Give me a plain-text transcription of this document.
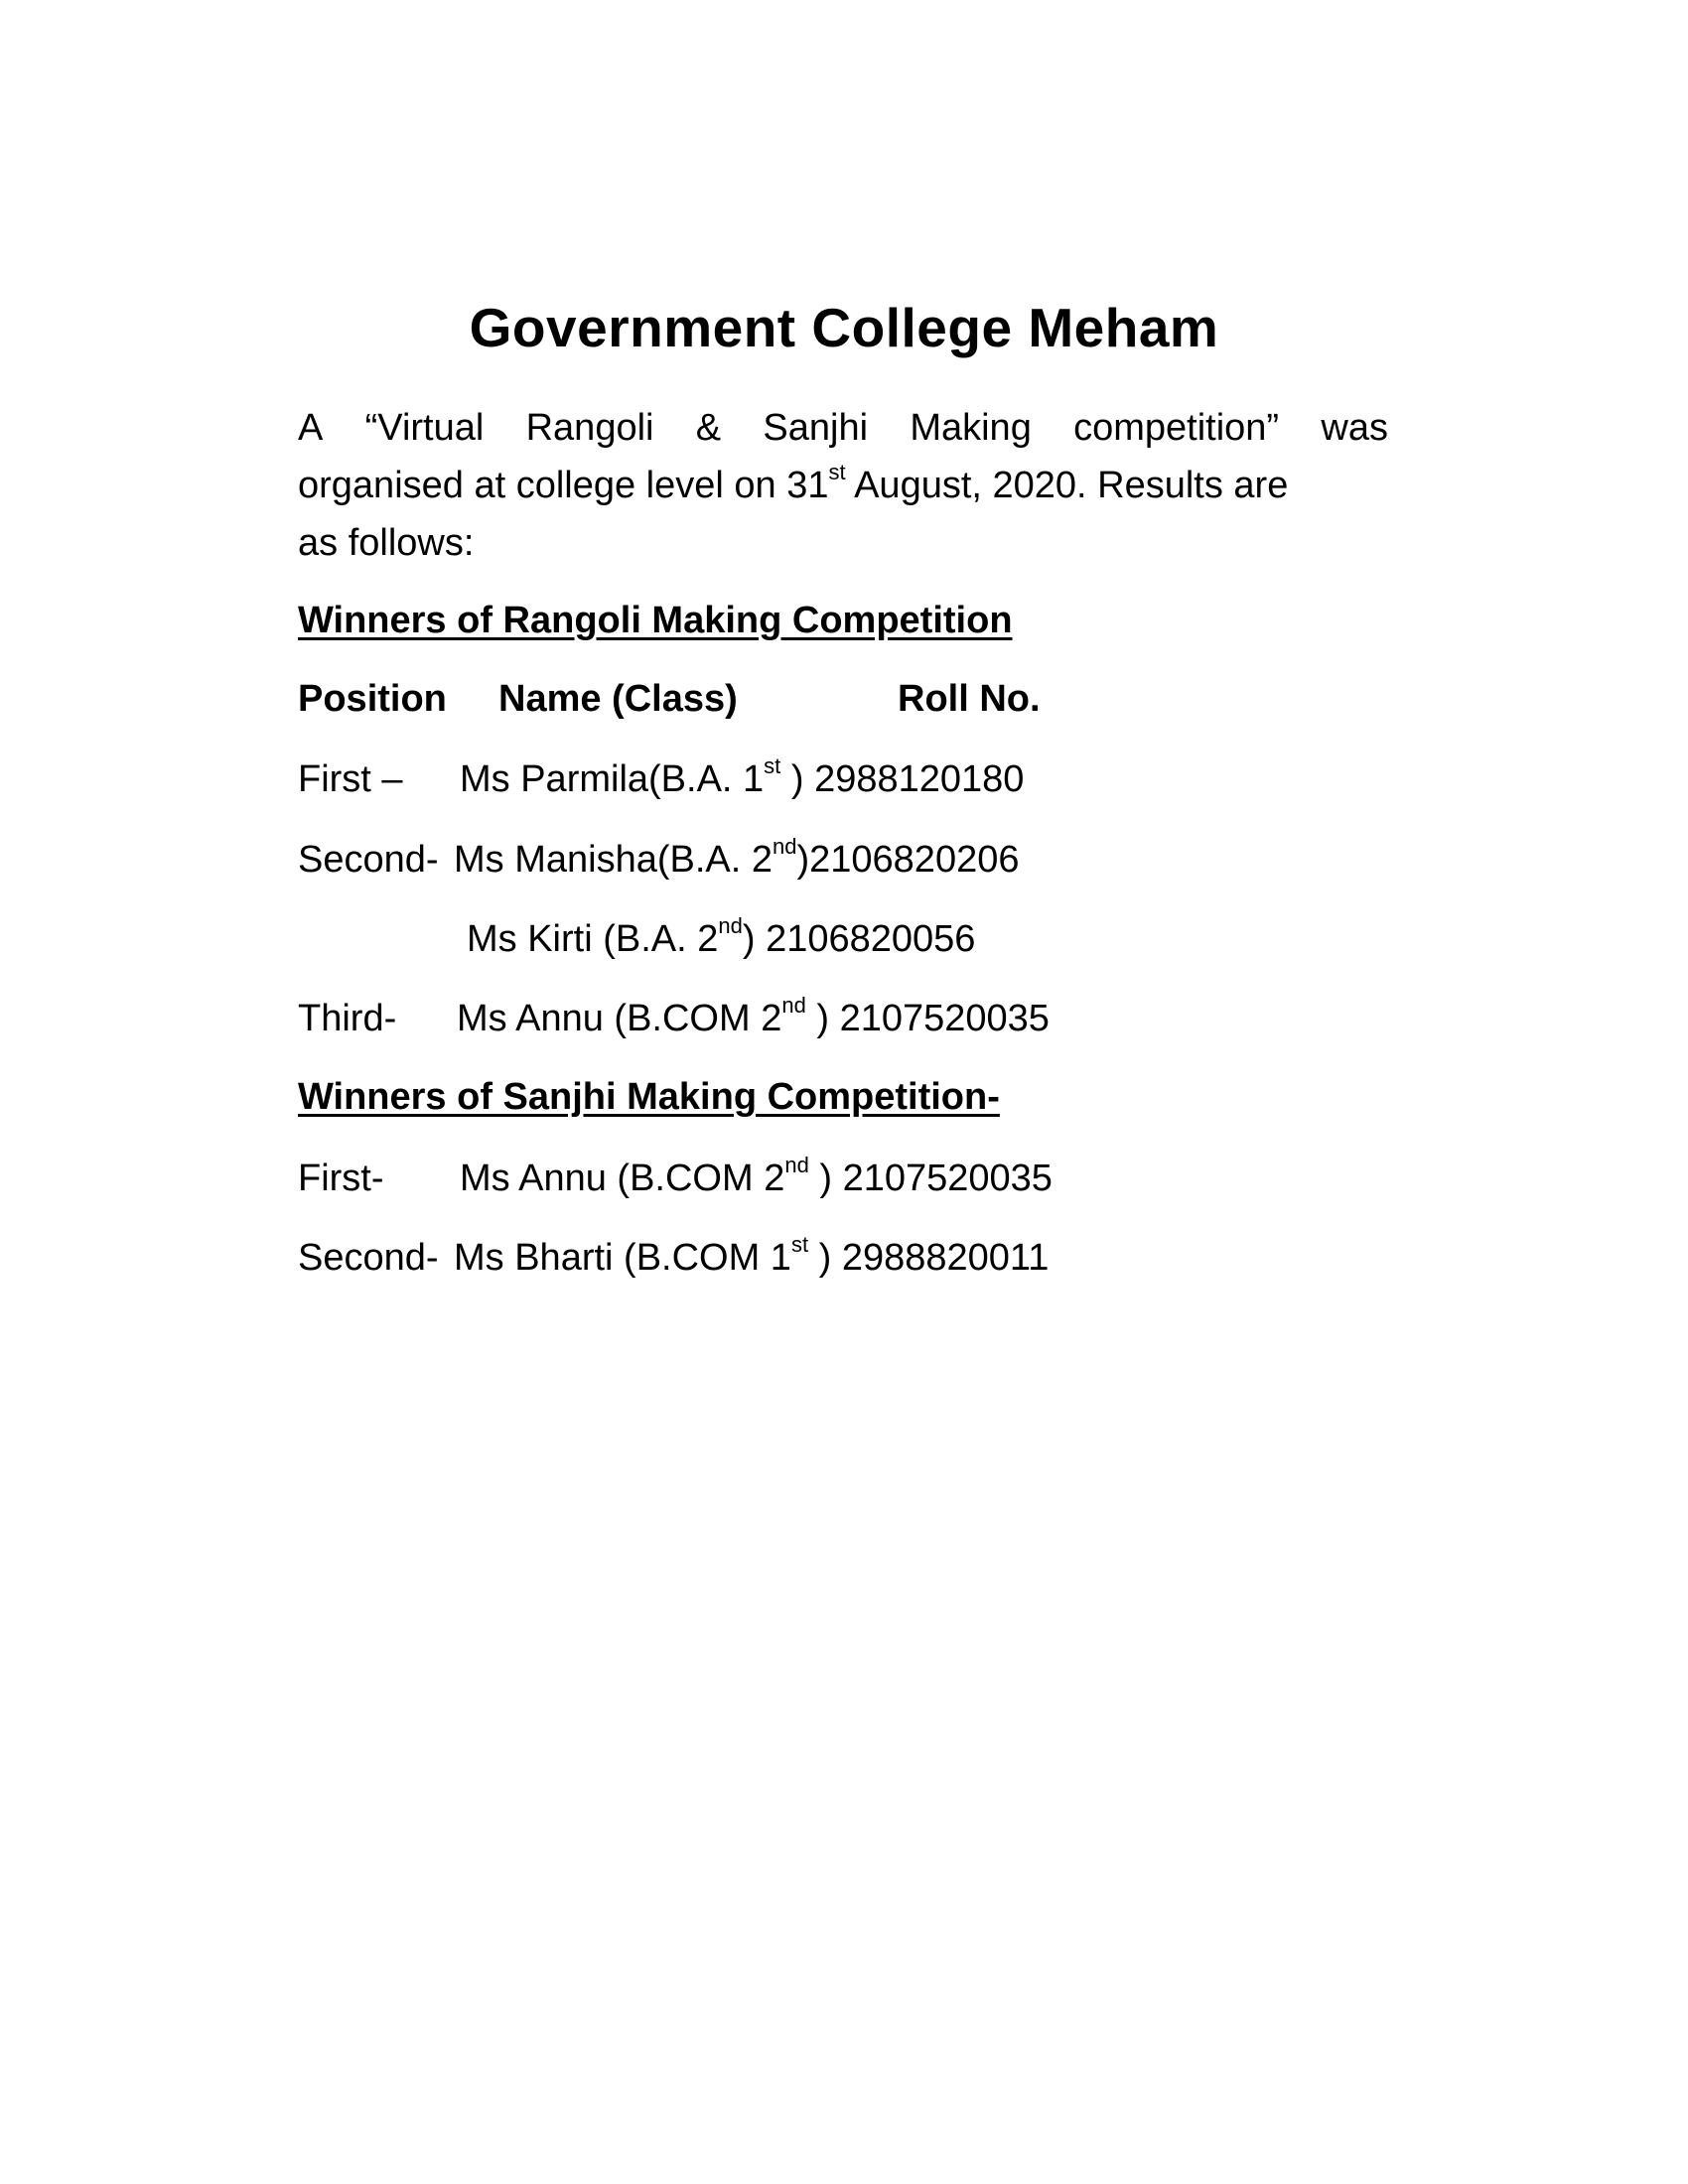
Government College Meham
A “Virtual Rangoli & Sanjhi Making competition” was
organised at college level on 31st August, 2020. Results are
as follows:
Winners of Rangoli Making Competition
Position Name (Class)	Roll No.
First – Ms Parmila(B.A. 1st ) 2988120180
Second- Ms Manisha(B.A. 2nd)2106820206
Ms Kirti (B.A. 2nd) 2106820056
Third- Ms Annu (B.COM 2nd ) 2107520035
Winners of Sanjhi Making Competition-
First- Ms Annu (B.COM 2nd ) 2107520035
Second- Ms Bharti (B.COM 1st ) 2988820011
